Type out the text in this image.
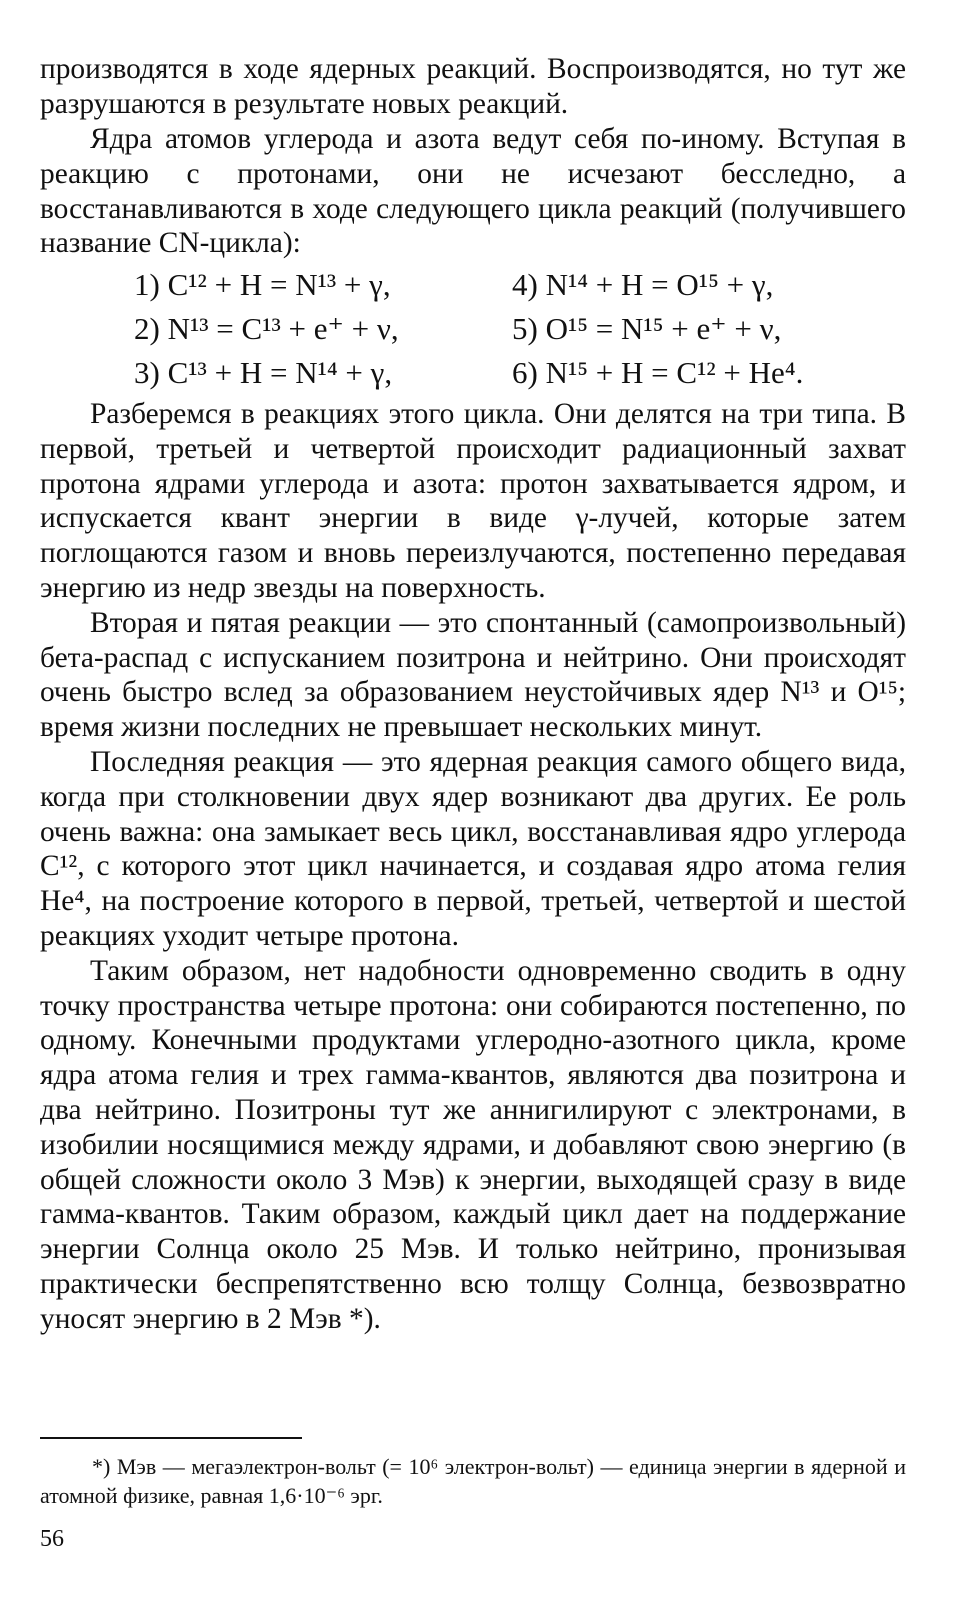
производятся в ходе ядерных реакций. Воспроизводятся, но тут же разрушаются в результате новых реакций.

Ядра атомов углерода и азота ведут себя по-иному. Вступая в реакцию с протонами, они не исчезают бесследно, а восстанавливаются в ходе следующего цикла реакций (получившего название CN-цикла):

1) C¹² + H = N¹³ + γ,	4) N¹⁴ + H = O¹⁵ + γ,
2) N¹³ = C¹³ + e⁺ + ν,	5) O¹⁵ = N¹⁵ + e⁺ + ν,
3) C¹³ + H = N¹⁴ + γ,	6) N¹⁵ + H = C¹² + He⁴.

Разберемся в реакциях этого цикла. Они делятся на три типа. В первой, третьей и четвертой происходит радиационный захват протона ядрами углерода и азота: протон захватывается ядром, и испускается квант энергии в виде γ-лучей, которые затем поглощаются газом и вновь переизлучаются, постепенно передавая энергию из недр звезды на поверхность.

Вторая и пятая реакции — это спонтанный (самопроизвольный) бета-распад с испусканием позитрона и нейтрино. Они происходят очень быстро вслед за образованием неустойчивых ядер N¹³ и O¹⁵; время жизни последних не превышает нескольких минут.

Последняя реакция — это ядерная реакция самого общего вида, когда при столкновении двух ядер возникают два других. Ее роль очень важна: она замыкает весь цикл, восстанавливая ядро углерода C¹², с которого этот цикл начинается, и создавая ядро атома гелия He⁴, на построение которого в первой, третьей, четвертой и шестой реакциях уходит четыре протона.

Таким образом, нет надобности одновременно сводить в одну точку пространства четыре протона: они собираются постепенно, по одному. Конечными продуктами углеродно-азотного цикла, кроме ядра атома гелия и трех гамма-квантов, являются два позитрона и два нейтрино. Позитроны тут же аннигилируют с электронами, в изобилии носящимися между ядрами, и добавляют свою энергию (в общей сложности около 3 Мэв) к энергии, выходящей сразу в виде гамма-квантов. Таким образом, каждый цикл дает на поддержание энергии Солнца около 25 Мэв. И только нейтрино, пронизывая практически беспрепятственно всю толщу Солнца, безвозвратно уносят энергию в 2 Мэв *).

*) Мэв — мегаэлектрон-вольт (= 10⁶ электрон-вольт) — единица энергии в ядерной и атомной физике, равная 1,6·10⁻⁶ эрг.

56
